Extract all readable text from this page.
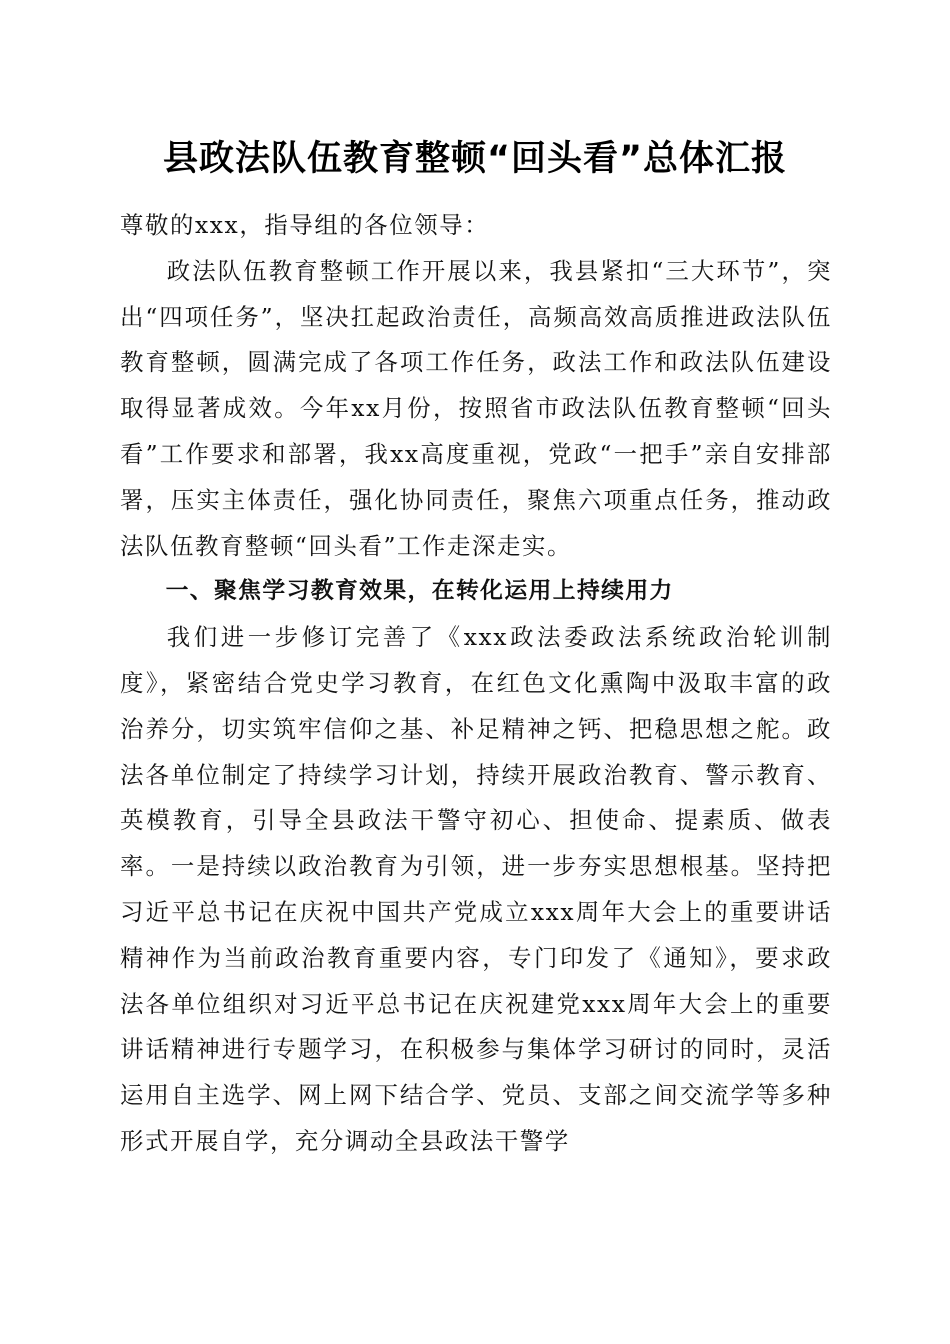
县政法队伍教育整顿“回头看”总体汇报

尊敬的xxx，指导组的各位领导：

政法队伍教育整顿工作开展以来，我县紧扣“三大环节”，突出“四项任务”，坚决扛起政治责任，高频高效高质推进政法队伍教育整顿，圆满完成了各项工作任务，政法工作和政法队伍建设取得显著成效。今年xx月份，按照省市政法队伍教育整顿“回头看”工作要求和部署，我xx高度重视，党政“一把手”亲自安排部署，压实主体责任，强化协同责任，聚焦六项重点任务，推动政法队伍教育整顿“回头看”工作走深走实。

一、聚焦学习教育效果，在转化运用上持续用力

我们进一步修订完善了《xxx政法委政法系统政治轮训制度》，紧密结合党史学习教育，在红色文化熏陶中汲取丰富的政治养分，切实筑牢信仰之基、补足精神之钙、把稳思想之舵。政法各单位制定了持续学习计划，持续开展政治教育、警示教育、英模教育，引导全县政法干警守初心、担使命、提素质、做表率。一是持续以政治教育为引领，进一步夯实思想根基。坚持把习近平总书记在庆祝中国共产党成立xxx周年大会上的重要讲话精神作为当前政治教育重要内容，专门印发了《通知》，要求政法各单位组织对习近平总书记在庆祝建党xxx周年大会上的重要讲话精神进行专题学习，在积极参与集体学习研讨的同时，灵活运用自主选学、网上网下结合学、党员、支部之间交流学等多种形式开展自学，充分调动全县政法干警学
